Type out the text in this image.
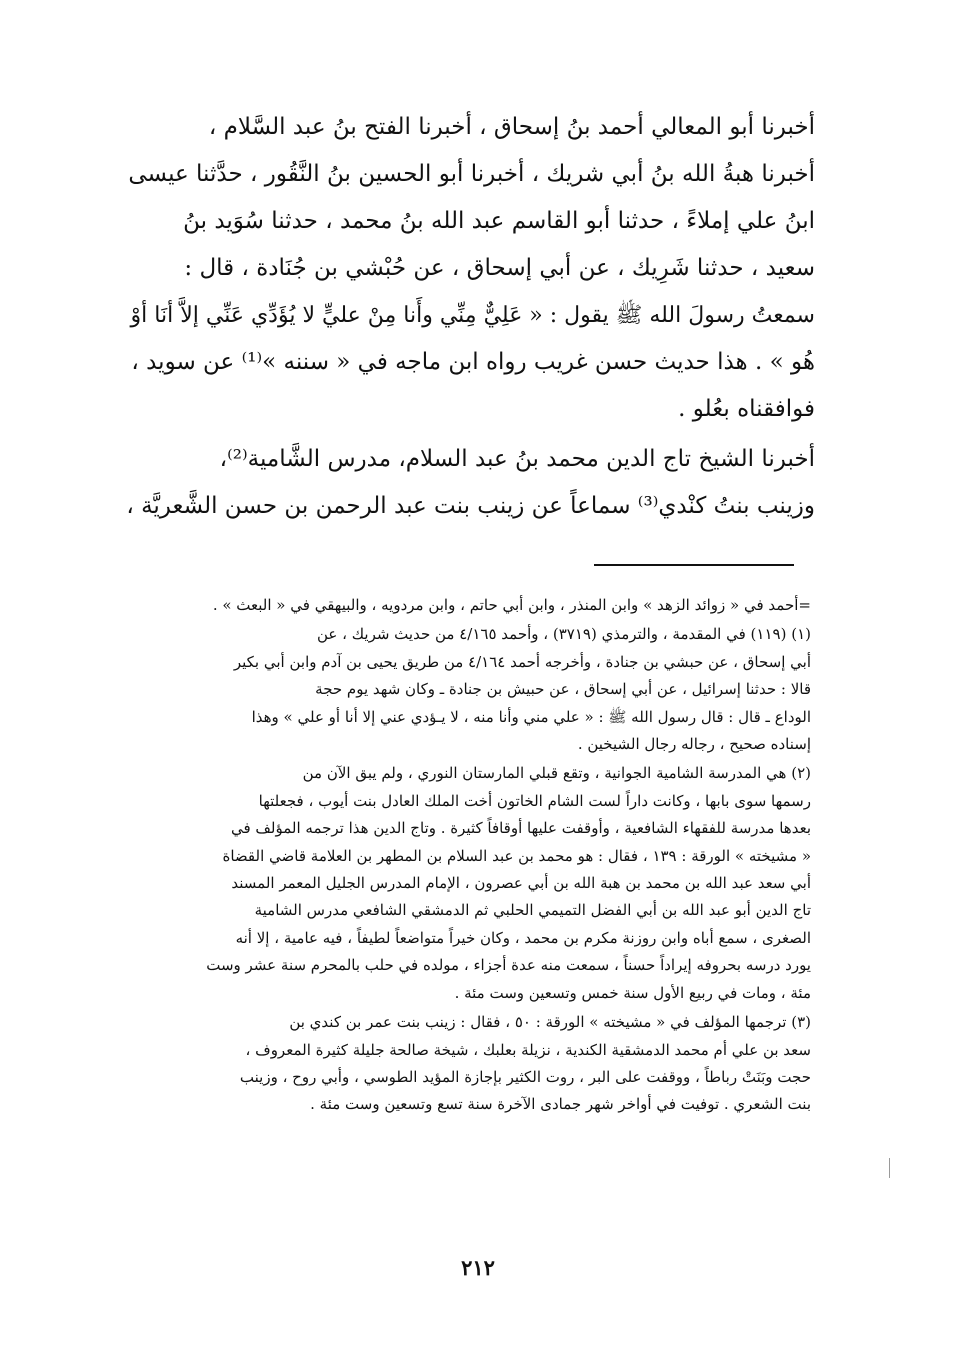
أخبرنا أبو المعالي أحمد بنُ إسحاق ، أخبرنا الفتح بنُ عبد السَّلام ،
أخبرنا هبةُ الله بنُ أبي شريك ، أخبرنا أبو الحسين بنُ النَّقُور ، حدَّثنا عيسى
ابنُ علي إملاءً ، حدثنا أبو القاسم عبد الله بنُ محمد ، حدثنا سُوَيد بنُ
سعيد ، حدثنا شَرِيك ، عن أبي إسحاق ، عن حُبْشي بن جُنَادة ، قال :
سمعتُ رسولَ الله ﷺ يقول : « عَلِيٌّ مِنِّي وأَنا مِنْ عليٍّ لا يُؤَدِّي عَنِّي إلاَّ أنَا أوْ
هُو » . هذا حديث حسن غريب رواه ابن ماجه في « سننه »⁽¹⁾ عن سويد ،
فوافقناه بعُلو .

أخبرنا الشيخ تاج الدين محمد بنُ عبد السلام، مدرس الشَّامية⁽²⁾،
وزينب بنتُ كنْدي⁽³⁾ سماعاً عن زينب بنت عبد الرحمن بن حسن الشَّعريَّة ،

=أحمد في « زوائد الزهد » وابن المنذر ، وابن أبي حاتم ، وابن مردويه ، والبيهقي في « البعث » .

(١) (١١٩) في المقدمة ، والترمذي (٣٧١٩) ، وأحمد ٤/١٦٥ من حديث شريك ، عن
أبي إسحاق ، عن حبشي بن جنادة ، وأخرجه أحمد ٤/١٦٤ من طريق يحيى بن آدم وابن أبي بكير
قالا : حدثنا إسرائيل ، عن أبي إسحاق ، عن حبيش بن جنادة ـ وكان شهد يوم حجة
الوداع ـ قال : قال رسول الله ﷺ : « علي مني وأنا منه ، لا يـؤدي عني إلا أنا أو علي » وهذا
إسناده صحيح ، رجاله رجال الشيخين .

(٢) هي المدرسة الشامية الجوانية ، وتقع قبلي المارستان النوري ، ولم يبق الآن من
رسمها سوى بابها ، وكانت داراً لست الشام الخاتون أخت الملك العادل بنت أيوب ، فجعلتها
بعدها مدرسة للفقهاء الشافعية ، وأوقفت عليها أوقافاً كثيرة . وتاج الدين هذا ترجمه المؤلف في
« مشيخته » الورقة : ١٣٩ ، فقال : هو محمد بن عبد السلام بن المطهر بن العلامة قاضي القضاة
أبي سعد عبد الله بن محمد بن هبة الله بن أبي عصرون ، الإمام المدرس الجليل المعمر المسند
تاج الدين أبو عبد الله بن أبي الفضل التميمي الحلبي ثم الدمشقي الشافعي مدرس الشامية
الصغرى ، سمع أباه وابن روزنة مكرم بن محمد ، وكان خيراً متواضعاً لطيفاً ، فيه عامية ، إلا أنه
يورد درسه بحروفه إيراداً حسناً ، سمعت منه عدة أجزاء ، مولده في حلب بالمحرم سنة عشر وست
مئة ، ومات في ربيع الأول سنة خمس وتسعين وست مئة .

(٣) ترجمها المؤلف في « مشيخته » الورقة : ٥٠ ، فقال : زينب بنت عمر بن كندي بن
سعد بن علي أم محمد الدمشقية الكندية ، نزيلة بعلبك ، شيخة صالحة جليلة كثيرة المعروف ،
حجت وبَنَتْ رباطاً ، ووقفت على البر ، روت الكثير بإجازة المؤيد الطوسي ، وأبي روح ، وزينب
بنت الشعري . توفيت في أواخر شهر جمادى الآخرة سنة تسع وتسعين وست مئة .

٢١٢
